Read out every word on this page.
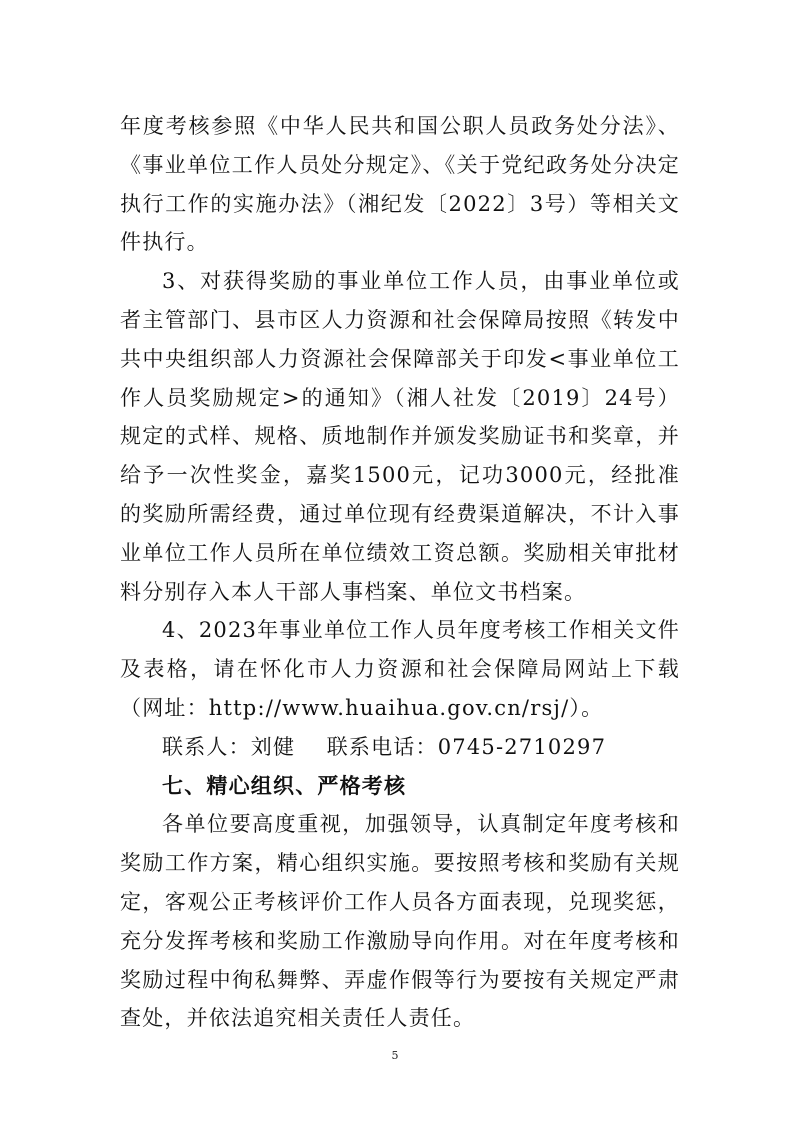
年度考核参照《中华人民共和国公职人员政务处分法》、《事业单位工作人员处分规定》、《关于党纪政务处分决定执行工作的实施办法》（湘纪发〔2022〕3号）等相关文件执行。

3、对获得奖励的事业单位工作人员，由事业单位或者主管部门、县市区人力资源和社会保障局按照《转发中共中央组织部人力资源社会保障部关于印发<事业单位工作人员奖励规定>的通知》（湘人社发〔2019〕24号）规定的式样、规格、质地制作并颁发奖励证书和奖章，并给予一次性奖金，嘉奖1500元，记功3000元，经批准的奖励所需经费，通过单位现有经费渠道解决，不计入事业单位工作人员所在单位绩效工资总额。奖励相关审批材料分别存入本人干部人事档案、单位文书档案。

4、2023年事业单位工作人员年度考核工作相关文件及表格，请在怀化市人力资源和社会保障局网站上下载（网址：http://www.huaihua.gov.cn/rsj/）。

联系人：刘健    联系电话：0745-2710297

七、精心组织、严格考核

各单位要高度重视，加强领导，认真制定年度考核和奖励工作方案，精心组织实施。要按照考核和奖励有关规定，客观公正考核评价工作人员各方面表现，兑现奖惩，充分发挥考核和奖励工作激励导向作用。对在年度考核和奖励过程中徇私舞弊、弄虚作假等行为要按有关规定严肃查处，并依法追究相关责任人责任。

5
